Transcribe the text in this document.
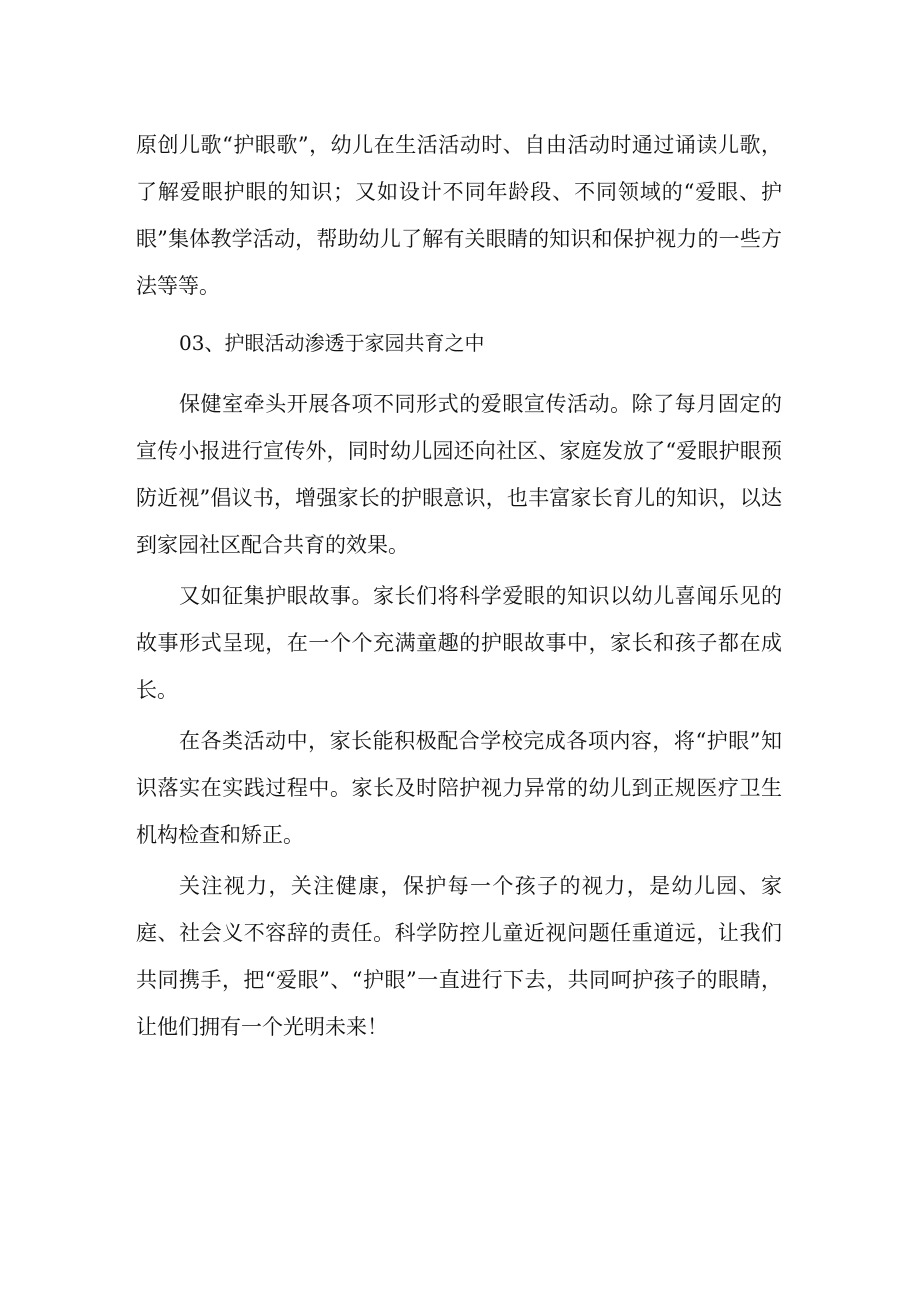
原创儿歌“护眼歌”，幼儿在生活活动时、自由活动时通过诵读儿歌，了解爱眼护眼的知识；又如设计不同年龄段、不同领域的“爱眼、护眼”集体教学活动，帮助幼儿了解有关眼睛的知识和保护视力的一些方法等等。

03、护眼活动渗透于家园共育之中

保健室牵头开展各项不同形式的爱眼宣传活动。除了每月固定的宣传小报进行宣传外，同时幼儿园还向社区、家庭发放了“爱眼护眼预防近视”倡议书，增强家长的护眼意识，也丰富家长育儿的知识，以达到家园社区配合共育的效果。

又如征集护眼故事。家长们将科学爱眼的知识以幼儿喜闻乐见的故事形式呈现，在一个个充满童趣的护眼故事中，家长和孩子都在成长。

在各类活动中，家长能积极配合学校完成各项内容，将“护眼”知识落实在实践过程中。家长及时陪护视力异常的幼儿到正规医疗卫生机构检查和矫正。

关注视力，关注健康，保护每一个孩子的视力，是幼儿园、家庭、社会义不容辞的责任。科学防控儿童近视问题任重道远，让我们共同携手，把“爱眼”、“护眼”一直进行下去，共同呵护孩子的眼睛，让他们拥有一个光明未来！
